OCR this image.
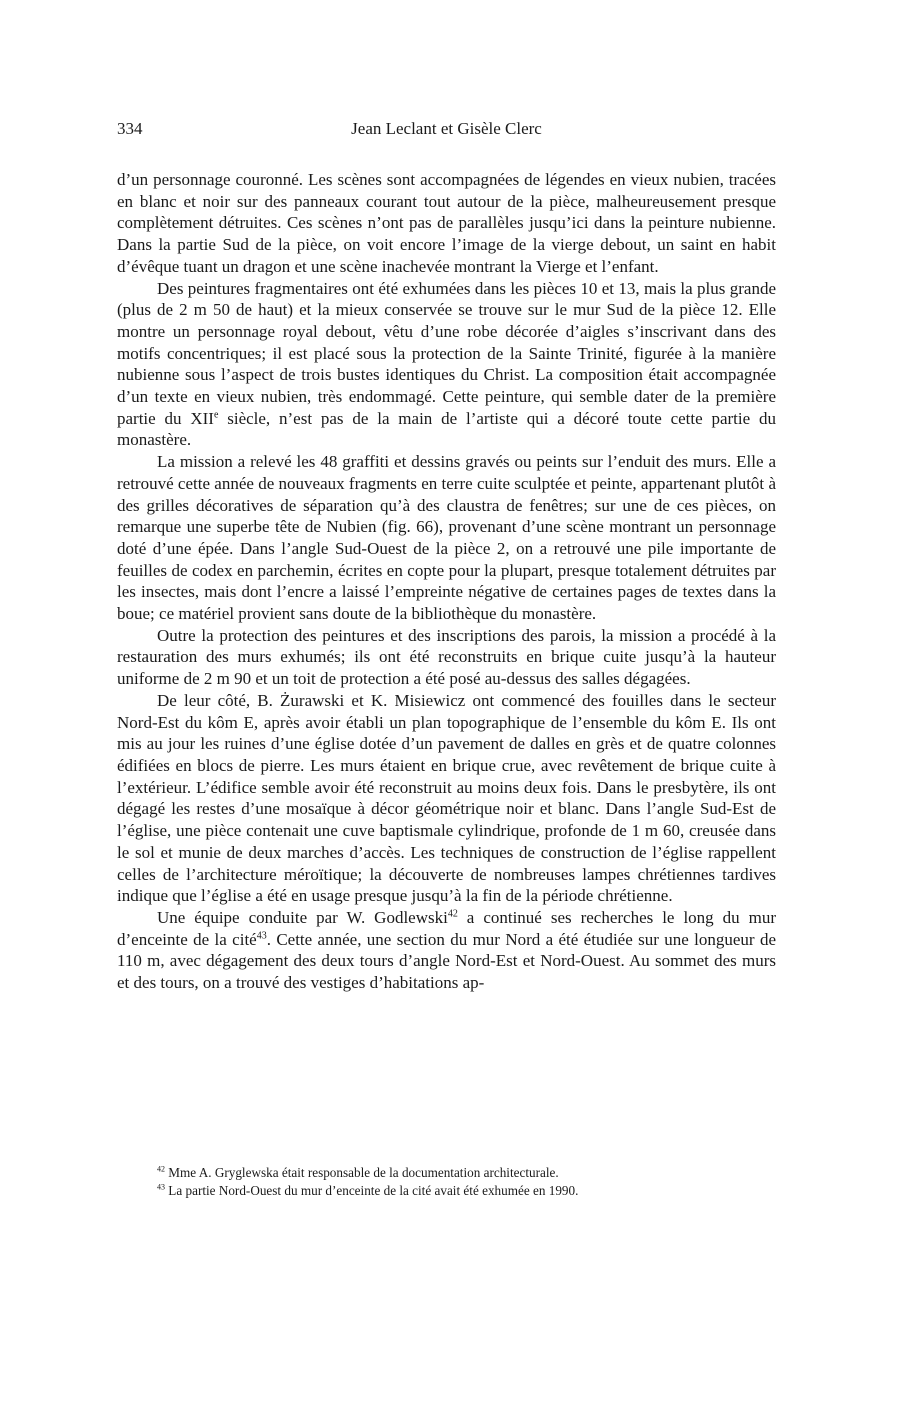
334	Jean Leclant et Gisèle Clerc

d’un personnage couronné. Les scènes sont accompagnées de légendes en vieux nubien, tracées en blanc et noir sur des panneaux courant tout autour de la pièce, malheureusement presque complètement détruites. Ces scènes n’ont pas de parallèles jusqu’ici dans la peinture nubienne. Dans la partie Sud de la pièce, on voit encore l’image de la vierge debout, un saint en habit d’évêque tuant un dragon et une scène inachevée montrant la Vierge et l’enfant.

Des peintures fragmentaires ont été exhumées dans les pièces 10 et 13, mais la plus grande (plus de 2 m 50 de haut) et la mieux conservée se trouve sur le mur Sud de la pièce 12. Elle montre un personnage royal debout, vêtu d’une robe décorée d’aigles s’inscrivant dans des motifs concentriques; il est placé sous la protection de la Sainte Trinité, figurée à la manière nubienne sous l’aspect de trois bustes identiques du Christ. La composition était accompagnée d’un texte en vieux nubien, très endommagé. Cette peinture, qui semble dater de la première partie du XIIe siècle, n’est pas de la main de l’artiste qui a décoré toute cette partie du monastère.

La mission a relevé les 48 graffiti et dessins gravés ou peints sur l’enduit des murs. Elle a retrouvé cette année de nouveaux fragments en terre cuite sculptée et peinte, appartenant plutôt à des grilles décoratives de séparation qu’à des claustra de fenêtres; sur une de ces pièces, on remarque une superbe tête de Nubien (fig. 66), provenant d’une scène montrant un personnage doté d’une épée. Dans l’angle Sud-Ouest de la pièce 2, on a retrouvé une pile importante de feuilles de codex en parchemin, écrites en copte pour la plupart, presque totalement détruites par les insectes, mais dont l’encre a laissé l’empreinte négative de certaines pages de textes dans la boue; ce matériel provient sans doute de la bibliothèque du monastère.

Outre la protection des peintures et des inscriptions des parois, la mission a procédé à la restauration des murs exhumés; ils ont été reconstruits en brique cuite jusqu’à la hauteur uniforme de 2 m 90 et un toit de protection a été posé au-dessus des salles dégagées.

De leur côté, B. Żurawski et K. Misiewicz ont commencé des fouilles dans le secteur Nord-Est du kôm E, après avoir établi un plan topographique de l’ensemble du kôm E. Ils ont mis au jour les ruines d’une église dotée d’un pavement de dalles en grès et de quatre colonnes édifiées en blocs de pierre. Les murs étaient en brique crue, avec revêtement de brique cuite à l’extérieur. L’édifice semble avoir été reconstruit au moins deux fois. Dans le presbytère, ils ont dégagé les restes d’une mosaïque à décor géométrique noir et blanc. Dans l’angle Sud-Est de l’église, une pièce contenait une cuve baptismale cylindrique, profonde de 1 m 60, creusée dans le sol et munie de deux marches d’accès. Les techniques de construction de l’église rappellent celles de l’architecture méroïtique; la découverte de nombreuses lampes chrétiennes tardives indique que l’église a été en usage presque jusqu’à la fin de la période chrétienne.

Une équipe conduite par W. Godlewski$^{42}$ a continué ses recherches le long du mur d’enceinte de la cité$^{43}$. Cette année, une section du mur Nord a été étudiée sur une longueur de 110 m, avec dégagement des deux tours d’angle Nord-Est et Nord-Ouest. Au sommet des murs et des tours, on a trouvé des vestiges d’habitations ap-

$^{42}$ Mme A. Gryglewska était responsable de la documentation architecturale.

$^{43}$ La partie Nord-Ouest du mur d’enceinte de la cité avait été exhumée en 1990.
